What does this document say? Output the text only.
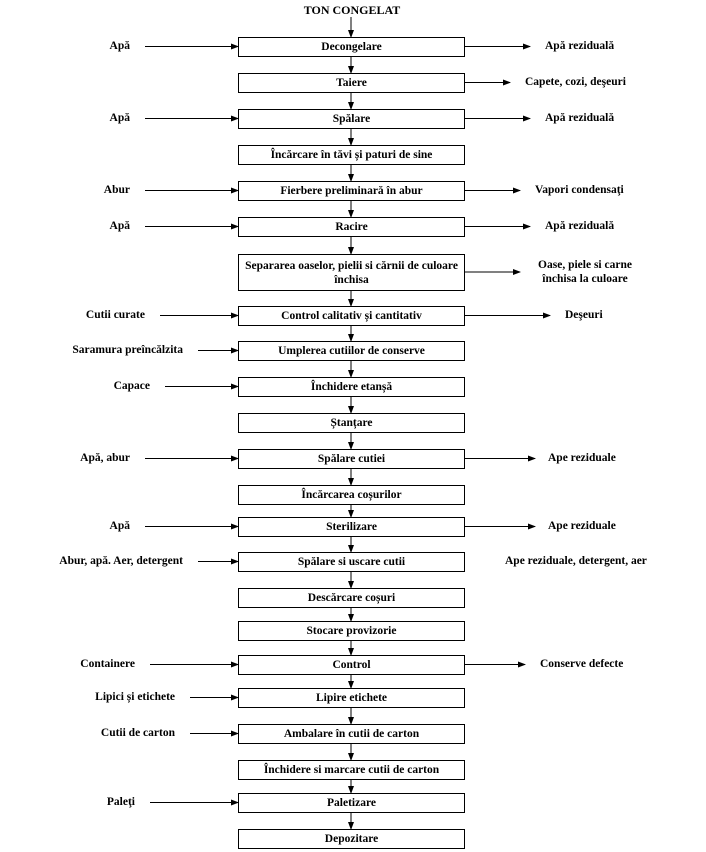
TON CONGELAT
Decongelare
Apă	Apă reziduală
Taiere	Capete, cozi, deşeuri
Spălare
Apă	Apă reziduală
Încărcare în tăvi și paturi de sine
Fierbere preliminară în abur
Abur	Vapori condensaţi
Racire
Apă	Apă reziduală
Separarea oaselor, pielii si cărnii de culoare închisa
Oase, piele si carne închisa la culoare
Control calitativ și cantitativ
Cutii curate	Deşeuri
Umplerea cutiilor de conserve
Saramura preîncălzita
Închidere etanșă
Capace
Ștanțare
Spălare cutiei
Apă, abur	Ape reziduale
Încărcarea coșurilor
Sterilizare
Apă	Ape reziduale
Spălare si uscare cutii
Abur, apă. Aer, detergent	Ape reziduale, detergent, aer
Descărcare coșuri
Stocare provizorie
Control
Containere	Conserve defecte
Lipire etichete
Lipici și etichete
Ambalare în cutii de carton
Cutii de carton
Închidere si marcare cutii de carton
Paletizare
Paleţi
Depozitare
